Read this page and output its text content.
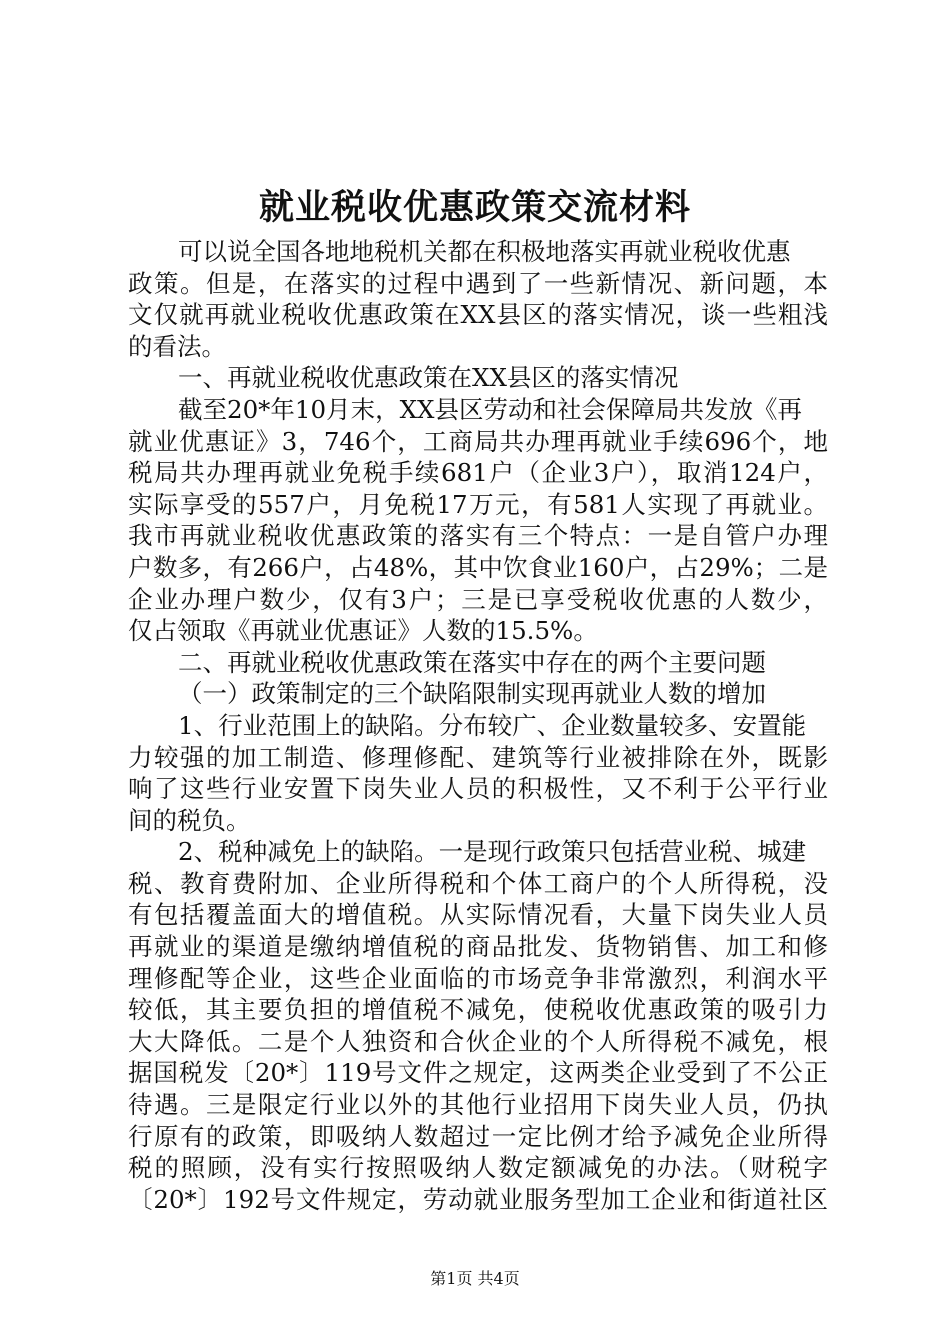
就业税收优惠政策交流材料
可以说全国各地地税机关都在积极地落实再就业税收优惠
政策。但是，在落实的过程中遇到了一些新情况、新问题，本
文仅就再就业税收优惠政策在XX县区的落实情况，谈一些粗浅
的看法。
一、再就业税收优惠政策在XX县区的落实情况
截至20*年10月末，XX县区劳动和社会保障局共发放《再
就业优惠证》3，746个，工商局共办理再就业手续696个，地
税局共办理再就业免税手续681户（企业3户），取消124户，
实际享受的557户，月免税17万元，有581人实现了再就业。
我市再就业税收优惠政策的落实有三个特点：一是自管户办理
户数多，有266户，占48%，其中饮食业160户，占29%；二是
企业办理户数少，仅有3户；三是已享受税收优惠的人数少，
仅占领取《再就业优惠证》人数的15.5%。
二、再就业税收优惠政策在落实中存在的两个主要问题
（一）政策制定的三个缺陷限制实现再就业人数的增加
1、行业范围上的缺陷。分布较广、企业数量较多、安置能
力较强的加工制造、修理修配、建筑等行业被排除在外，既影
响了这些行业安置下岗失业人员的积极性，又不利于公平行业
间的税负。
2、税种减免上的缺陷。一是现行政策只包括营业税、城建
税、教育费附加、企业所得税和个体工商户的个人所得税，没
有包括覆盖面大的增值税。从实际情况看，大量下岗失业人员
再就业的渠道是缴纳增值税的商品批发、货物销售、加工和修
理修配等企业，这些企业面临的市场竞争非常激烈，利润水平
较低，其主要负担的增值税不减免，使税收优惠政策的吸引力
大大降低。二是个人独资和合伙企业的个人所得税不减免，根
据国税发〔20*〕119号文件之规定，这两类企业受到了不公正
待遇。三是限定行业以外的其他行业招用下岗失业人员，仍执
行原有的政策，即吸纳人数超过一定比例才给予减免企业所得
税的照顾，没有实行按照吸纳人数定额减免的办法。（财税字
〔20*〕192号文件规定，劳动就业服务型加工企业和街道社区
第1页 共4页
